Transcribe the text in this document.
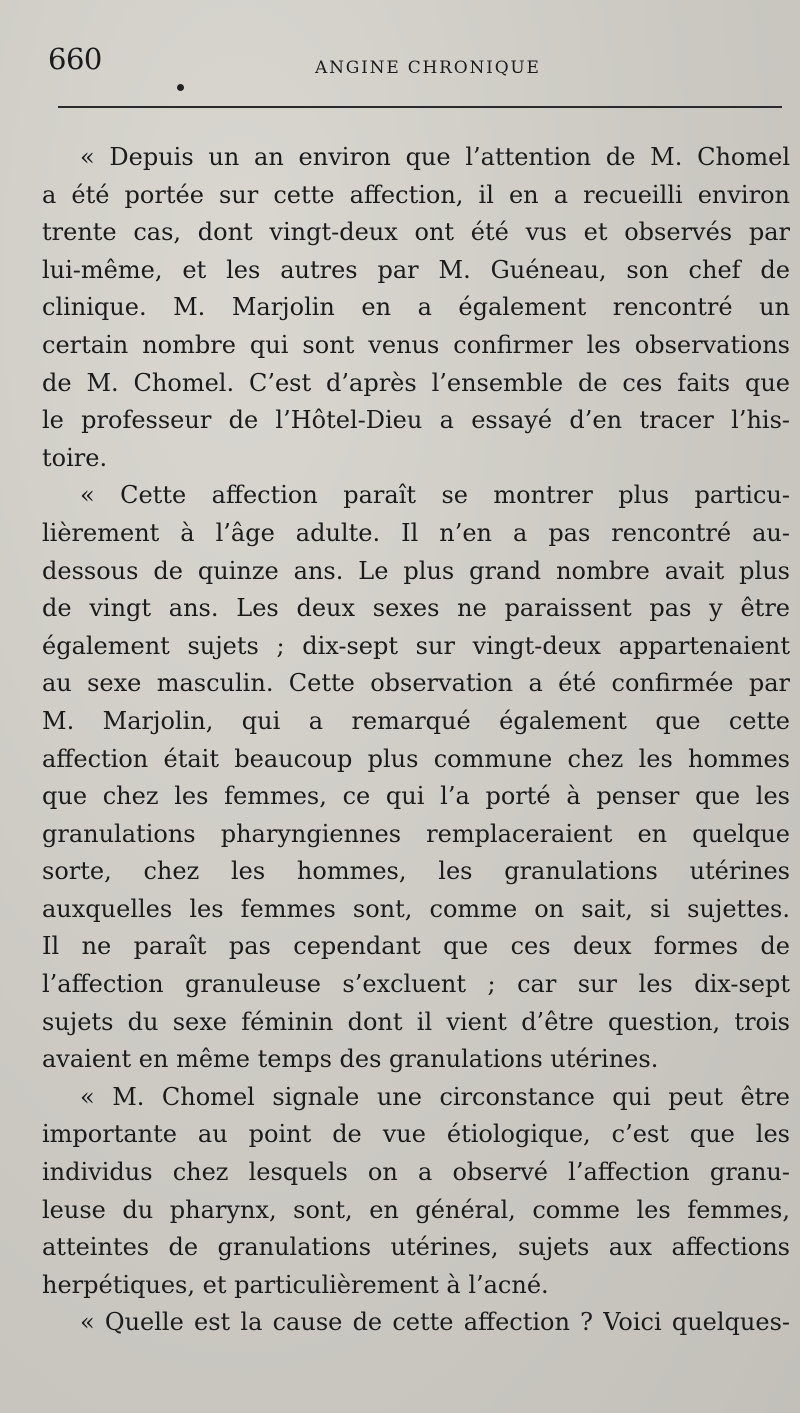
660	ANGINE CHRONIQUE
« Depuis un an environ que l’attention de M. Chomel
a été portée sur cette affection, il en a recueilli environ
trente cas, dont vingt-deux ont été vus et observés par
lui-même, et les autres par M. Guéneau, son chef de
clinique. M. Marjolin en a également rencontré un
certain nombre qui sont venus confirmer les observations
de M. Chomel. C’est d’après l’ensemble de ces faits que
le professeur de l’Hôtel-Dieu a essayé d’en tracer l’his-
toire.
« Cette affection paraît se montrer plus particu-
lièrement à l’âge adulte. Il n’en a pas rencontré au-
dessous de quinze ans. Le plus grand nombre avait plus
de vingt ans. Les deux sexes ne paraissent pas y être
également sujets ; dix-sept sur vingt-deux appartenaient
au sexe masculin. Cette observation a été confirmée par
M. Marjolin, qui a remarqué également que cette
affection était beaucoup plus commune chez les hommes
que chez les femmes, ce qui l’a porté à penser que les
granulations pharyngiennes remplaceraient en quelque
sorte, chez les hommes, les granulations utérines
auxquelles les femmes sont, comme on sait, si sujettes.
Il ne paraît pas cependant que ces deux formes de
l’affection granuleuse s’excluent ; car sur les dix-sept
sujets du sexe féminin dont il vient d’être question, trois
avaient en même temps des granulations utérines.
« M. Chomel signale une circonstance qui peut être
importante au point de vue étiologique, c’est que les
individus chez lesquels on a observé l’affection granu-
leuse du pharynx, sont, en général, comme les femmes,
atteintes de granulations utérines, sujets aux affections
herpétiques, et particulièrement à l’acné.
« Quelle est la cause de cette affection ? Voici quelques-
